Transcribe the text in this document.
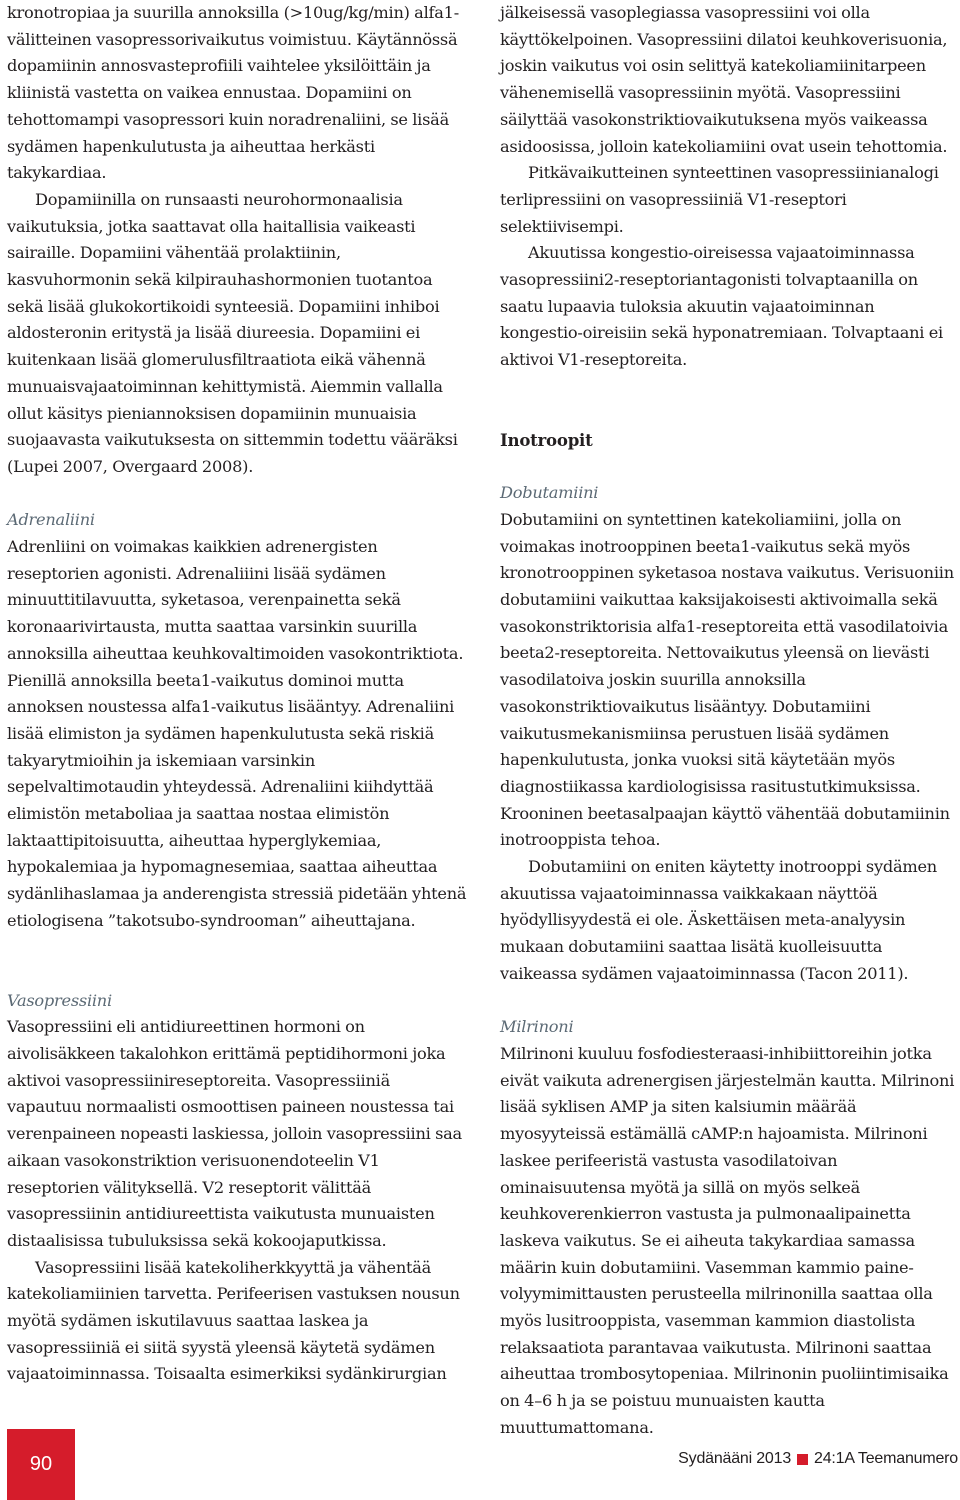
kronotropiaa ja suurilla annoksilla (>10ug/kg/min) alfa1-välitteinen vasopressorivaikutus voimistuu. Käytännössä dopamiinin annosvasteprofiili vaihtelee yksilöittäin ja kliinistä vastetta on vaikea ennustaa. Dopamiini on tehottomampi vasopressori kuin noradrenaliini, se lisää sydämen hapenkulutusta ja aiheuttaa herkästi takykardiaa.

Dopamiinilla on runsaasti neurohormonaalisia vaikutuksia, jotka saattavat olla haitallisia vaikeasti sairaille. Dopamiini vähentää prolaktiinin, kasvuhormonin sekä kilpirauhashormonien tuotantoa sekä lisää glukokortikoidi synteesiä. Dopamiini inhiboi aldosteronin eritystä ja lisää diureesia. Dopamiini ei kuitenkaan lisää glomerulusfiltraatiota eikä vähennä munuaisvajaatoiminnan kehittymistä. Aiemmin vallalla ollut käsitys pieniannoksisen dopamiinin munuaisia suojaavasta vaikutuksesta on sittemmin todettu vääräksi (Lupei 2007, Overgaard 2008).

Adrenaliini

Adrenliini on voimakas kaikkien adrenergisten reseptorien agonisti. Adrenaliiini lisää sydämen minuuttitilavuutta, syketasoa, verenpainetta sekä koronaarivirtausta, mutta saattaa varsinkin suurilla annoksilla aiheuttaa keuhkovaltimoiden vasokontriktiota. Pienillä annoksilla beeta1-vaikutus dominoi mutta annoksen noustessa alfa1-vaikutus lisääntyy. Adrenaliini lisää elimiston ja sydämen hapenkulutusta sekä riskiä takyarytmioihin ja iskemiaan varsinkin sepelvaltimotaudin yhteydessä. Adrenaliini kiihdyttää elimistön metaboliaa ja saattaa nostaa elimistön laktaattipitoisuutta, aiheuttaa hyperglykemiaa, hypokalemiaa ja hypomagnesemiaa, saattaa aiheuttaa sydänlihaslamaa ja anderengista stressiä pidetään yhtenä etiologisena ”takotsubo-syndrooman” aiheuttajana.

Vasopressiini

Vasopressiini eli antidiureettinen hormoni on aivolisäkkeen takalohkon erittämä peptidihormoni joka aktivoi vasopressiinireseptoreita. Vasopressiiniä vapautuu normaalisti osmoottisen paineen noustessa tai verenpaineen nopeasti laskiessa, jolloin vasopressiini saa aikaan vasokonstriktion verisuonendoteelin V1 reseptorien välityksellä. V2 reseptorit välittää vasopressiinin antidiureettista vaikutusta munuaisten distaalisissa tubuluksissa sekä kokoojaputkissa.

Vasopressiini lisää katekoliherkkyyttä ja vähentää katekoliamiinien tarvetta. Perifeerisen vastuksen nousun myötä sydämen iskutilavuus saattaa laskea ja vasopressiiniä ei siitä syystä yleensä käytetä sydämen vajaatoiminnassa. Toisaalta esimerkiksi sydänkirurgian

jälkeisessä vasoplegiassa vasopressiini voi olla käyttökelpoinen. Vasopressiini dilatoi keuhkoverisuonia, joskin vaikutus voi osin selittyä katekoliamiinitarpeen vähenemisellä vasopressiinin myötä. Vasopressiini säilyttää vasokonstriktiovaikutuksena myös vaikeassa asidoosissa, jolloin katekoliamiini ovat usein tehottomia.

Pitkävaikutteinen synteettinen vasopressiinianalogi terlipressiini on vasopressiiniä V1-reseptori selektiivisempi.

Akuutissa kongestio-oireisessa vajaatoiminnassa vasopressiini2-reseptoriantagonisti tolvaptaanilla on saatu lupaavia tuloksia akuutin vajaatoiminnan kongestio-oireisiin sekä hyponatremiaan. Tolvaptaani ei aktivoi V1-reseptoreita.

Inotroopit

Dobutamiini

Dobutamiini on syntettinen katekoliamiini, jolla on voimakas inotrooppinen beeta1-vaikutus sekä myös kronotrooppinen syketasoa nostava vaikutus. Verisuoniin dobutamiini vaikuttaa kaksijakoisesti aktivoimalla sekä vasokonstriktorisia alfa1-reseptoreita että vasodilatoivia beeta2-reseptoreita. Nettovaikutus yleensä on lievästi vasodilatoiva joskin suurilla annoksilla vasokonstriktiovaikutus lisääntyy. Dobutamiini vaikutusmekanismiinsa perustuen lisää sydämen hapenkulutusta, jonka vuoksi sitä käytetään myös diagnostiikassa kardiologisissa rasitustutkimuksissa. Krooninen beetasalpaajan käyttö vähentää dobutamiinin inotrooppista tehoa.

Dobutamiini on eniten käytetty inotrooppi sydämen akuutissa vajaatoiminnassa vaikkakaan näyttöä hyödyllisyydestä ei ole. Äskettäisen meta-analyysin mukaan dobutamiini saattaa lisätä kuolleisuutta vaikeassa sydämen vajaatoiminnassa (Tacon 2011).

Milrinoni

Milrinoni kuuluu fosfodiesteraasi-inhibiittoreihin jotka eivät vaikuta adrenergisen järjestelmän kautta. Milrinoni lisää syklisen AMP ja siten kalsiumin määrää myosyyteissä estämällä cAMP:n hajoamista. Milrinoni laskee perifeeristä vastusta vasodilatoivan ominaisuutensa myötä ja sillä on myös selkeä keuhkoverenkierron vastusta ja pulmonaalipainetta laskeva vaikutus. Se ei aiheuta takykardiaa samassa määrin kuin dobutamiini. Vasemman kammio paine-volyymimittausten perusteella milrinonilla saattaa olla myös lusitrooppista, vasemman kammion diastolista relaksaatiota parantavaa vaikutusta. Milrinoni saattaa aiheuttaa trombosytopeniaa. Milrinonin puoliintimisaika on 4–6 h ja se poistuu munuaisten kautta muuttumattomana.

90	Sydänääni 2013 24:1A Teemanumero
